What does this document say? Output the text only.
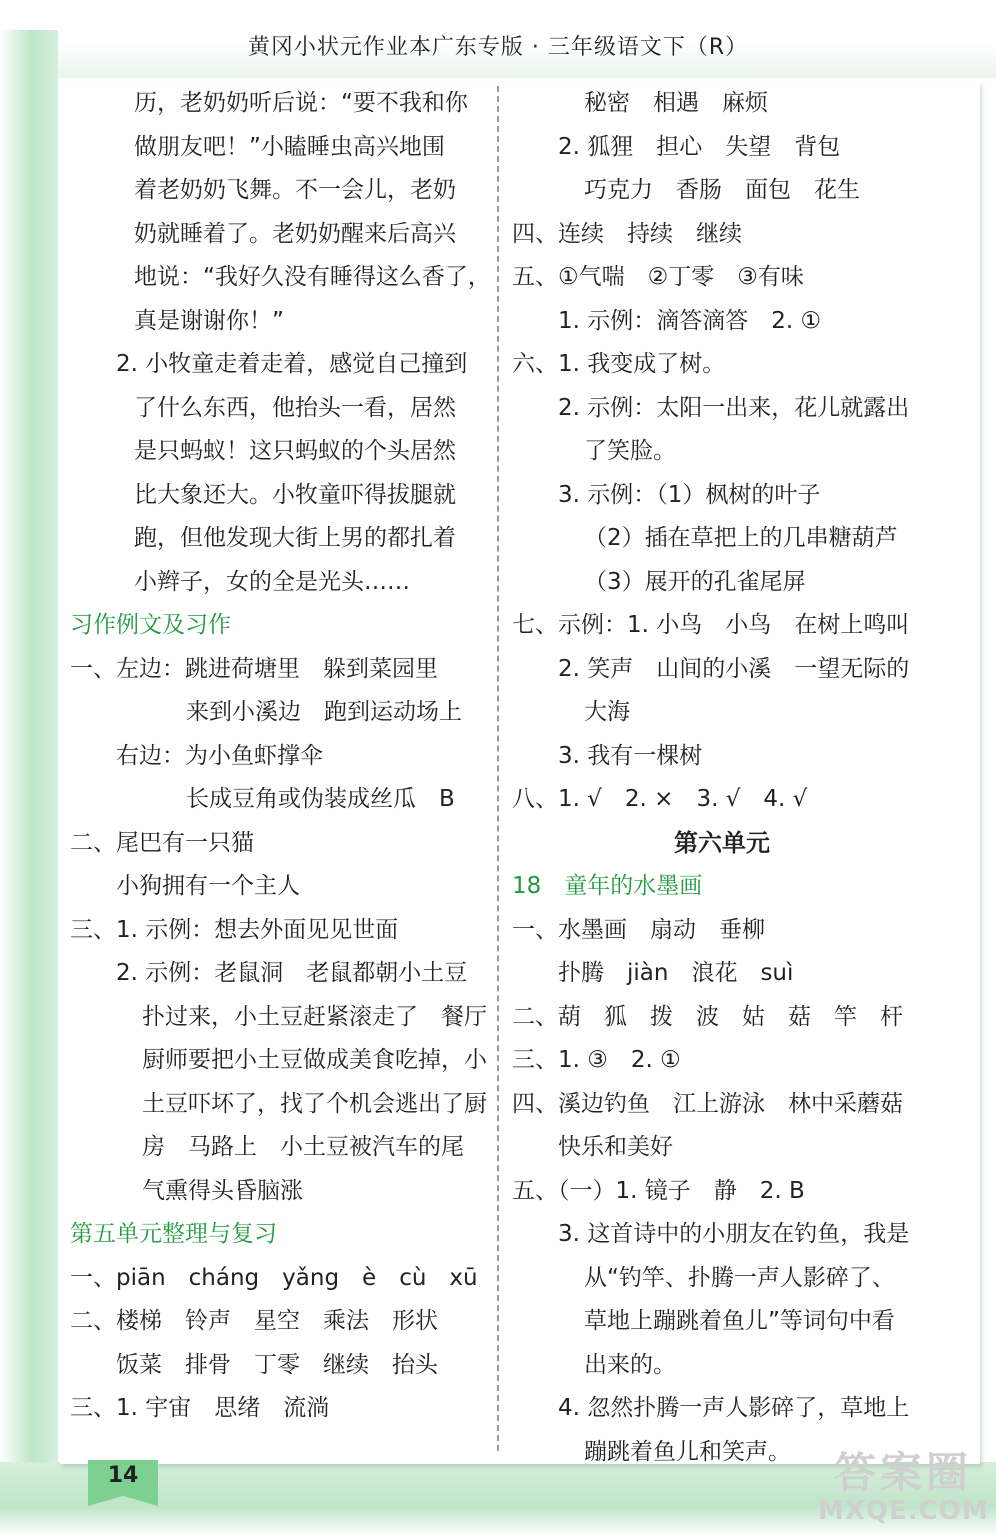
黄冈小状元作业本广东专版 · 三年级语文下（R）
历，老奶奶听后说：“要不我和你
做朋友吧！”小瞌睡虫高兴地围
着老奶奶飞舞。不一会儿，老奶
奶就睡着了。老奶奶醒来后高兴
地说：“我好久没有睡得这么香了，
真是谢谢你！”
2. 小牧童走着走着，感觉自己撞到
了什么东西，他抬头一看，居然
是只蚂蚁！这只蚂蚁的个头居然
比大象还大。小牧童吓得拔腿就
跑，但他发现大街上男的都扎着
小辫子，女的全是光头……
习作例文及习作
一、左边：跳进荷塘里　躲到菜园里
来到小溪边　跑到运动场上
右边：为小鱼虾撑伞
长成豆角或伪装成丝瓜　B
二、尾巴有一只猫
小狗拥有一个主人
三、1. 示例：想去外面见见世面
2. 示例：老鼠洞　老鼠都朝小土豆
扑过来，小土豆赶紧滚走了　餐厅
厨师要把小土豆做成美食吃掉，小
土豆吓坏了，找了个机会逃出了厨
房　马路上　小土豆被汽车的尾
气熏得头昏脑涨
第五单元整理与复习
一、piān　cháng　yǎng　è　cù　xū
二、楼梯　铃声　星空　乘法　形状
饭菜　排骨　丁零　继续　抬头
三、1. 宇宙　思绪　流淌
秘密　相遇　麻烦
2. 狐狸　担心　失望　背包
巧克力　香肠　面包　花生
四、连续　持续　继续
五、①气喘　②丁零　③有味
1. 示例：滴答滴答　2. ①
六、1. 我变成了树。
2. 示例：太阳一出来，花儿就露出
了笑脸。
3. 示例：（1）枫树的叶子
（2）插在草把上的几串糖葫芦
（3）展开的孔雀尾屏
七、示例：1. 小鸟　小鸟　在树上鸣叫
2. 笑声　山间的小溪　一望无际的
大海
3. 我有一棵树
八、1. √　2. ×　3. √　4. √
第六单元
18　童年的水墨画
一、水墨画　扇动　垂柳
扑腾　jiàn　浪花　suì
二、葫　狐　拨　波　姑　菇　竿　杆
三、1. ③　2. ①
四、溪边钓鱼　江上游泳　林中采蘑菇
快乐和美好
五、（一）1. 镜子　静　2. B
3. 这首诗中的小朋友在钓鱼，我是
从“钓竿、扑腾一声人影碎了、
草地上蹦跳着鱼儿”等词句中看
出来的。
4. 忽然扑腾一声人影碎了，草地上
蹦跳着鱼儿和笑声。
14	答案圈
MXQE.COM
